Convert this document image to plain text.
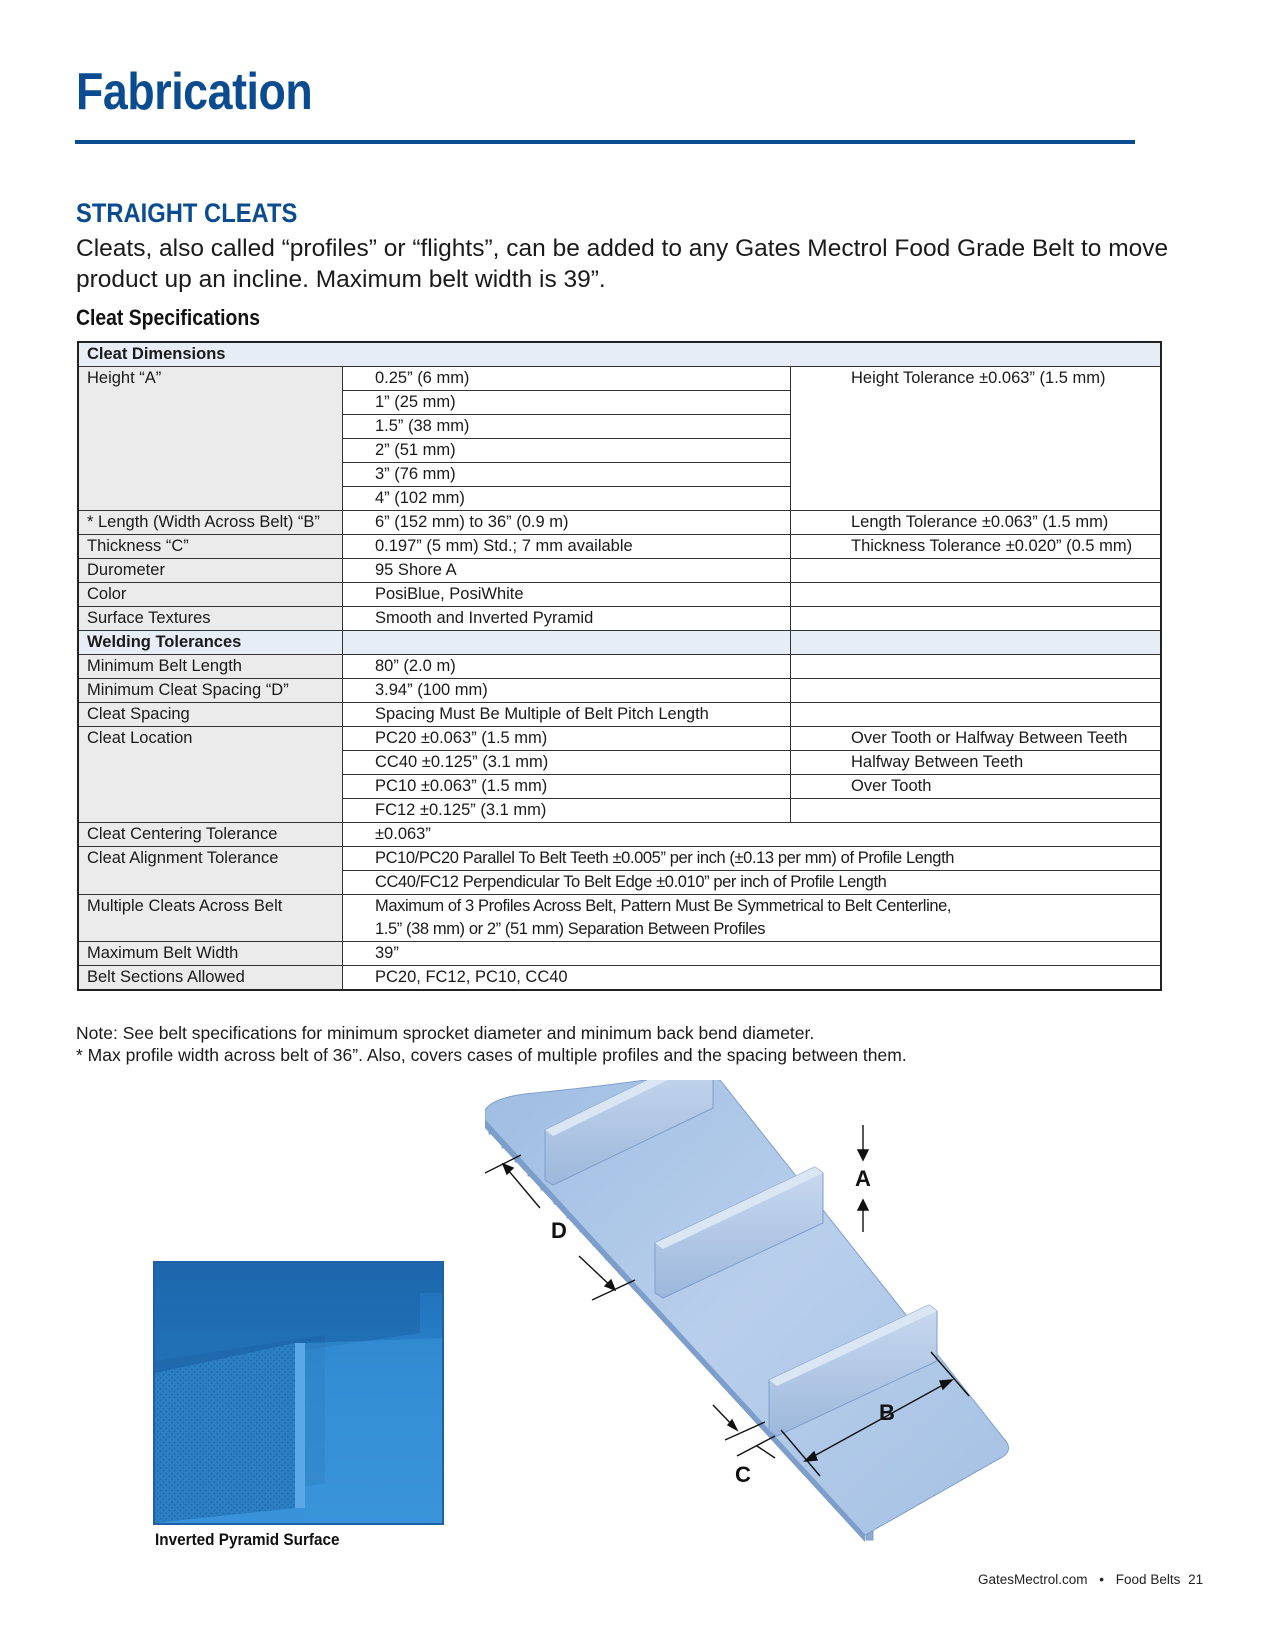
Fabrication
STRAIGHT CLEATS

Cleats, also called “profiles” or “flights”, can be added to any Gates Mectrol Food Grade Belt to move product up an incline. Maximum belt width is 39”.

Cleat Specifications
Cleat Dimensions		
Height “A”	0.25” (6 mm)	Height Tolerance ±0.063” (1.5 mm)
	1” (25 mm)	
	1.5” (38 mm)	
	2” (51 mm)	
	3” (76 mm)	
	4” (102 mm)	
* Length (Width Across Belt) “B”	6” (152 mm) to 36” (0.9 m)	Length Tolerance ±0.063” (1.5 mm)
Thickness “C”	0.197” (5 mm) Std.; 7 mm available	Thickness Tolerance ±0.020” (0.5 mm)
Durometer	95 Shore A	
Color	PosiBlue, PosiWhite	
Surface Textures	Smooth and Inverted Pyramid	
Welding Tolerances		
Minimum Belt Length	80” (2.0 m)	
Minimum Cleat Spacing “D”	3.94” (100 mm)	
Cleat Spacing	Spacing Must Be Multiple of Belt Pitch Length	
Cleat Location	PC20 ±0.063” (1.5 mm)	Over Tooth or Halfway Between Teeth
	CC40 ±0.125” (3.1 mm)	Halfway Between Teeth
	PC10 ±0.063” (1.5 mm)	Over Tooth
	FC12 ±0.125” (3.1 mm)	
Cleat Centering Tolerance	±0.063”	
Cleat Alignment Tolerance	PC10/PC20 Parallel To Belt Teeth ±0.005” per inch (±0.13 per mm) of Profile Length	
	CC40/FC12 Perpendicular To Belt Edge ±0.010” per inch of Profile Length	
Multiple Cleats Across Belt	Maximum of 3 Profiles Across Belt, Pattern Must Be Symmetrical to Belt Centerline,	
	1.5” (38 mm) or 2” (51 mm) Separation Between Profiles	
Maximum Belt Width	39”	
Belt Sections Allowed	PC20, FC12, PC10, CC40	
Note: See belt specifications for minimum sprocket diameter and minimum back bend diameter.
* Max profile width across belt of 36”. Also, covers cases of multiple profiles and the spacing between them.

Inverted Pyramid Surface

A
D
B
C
GatesMectrol.com • Food Belts 21
